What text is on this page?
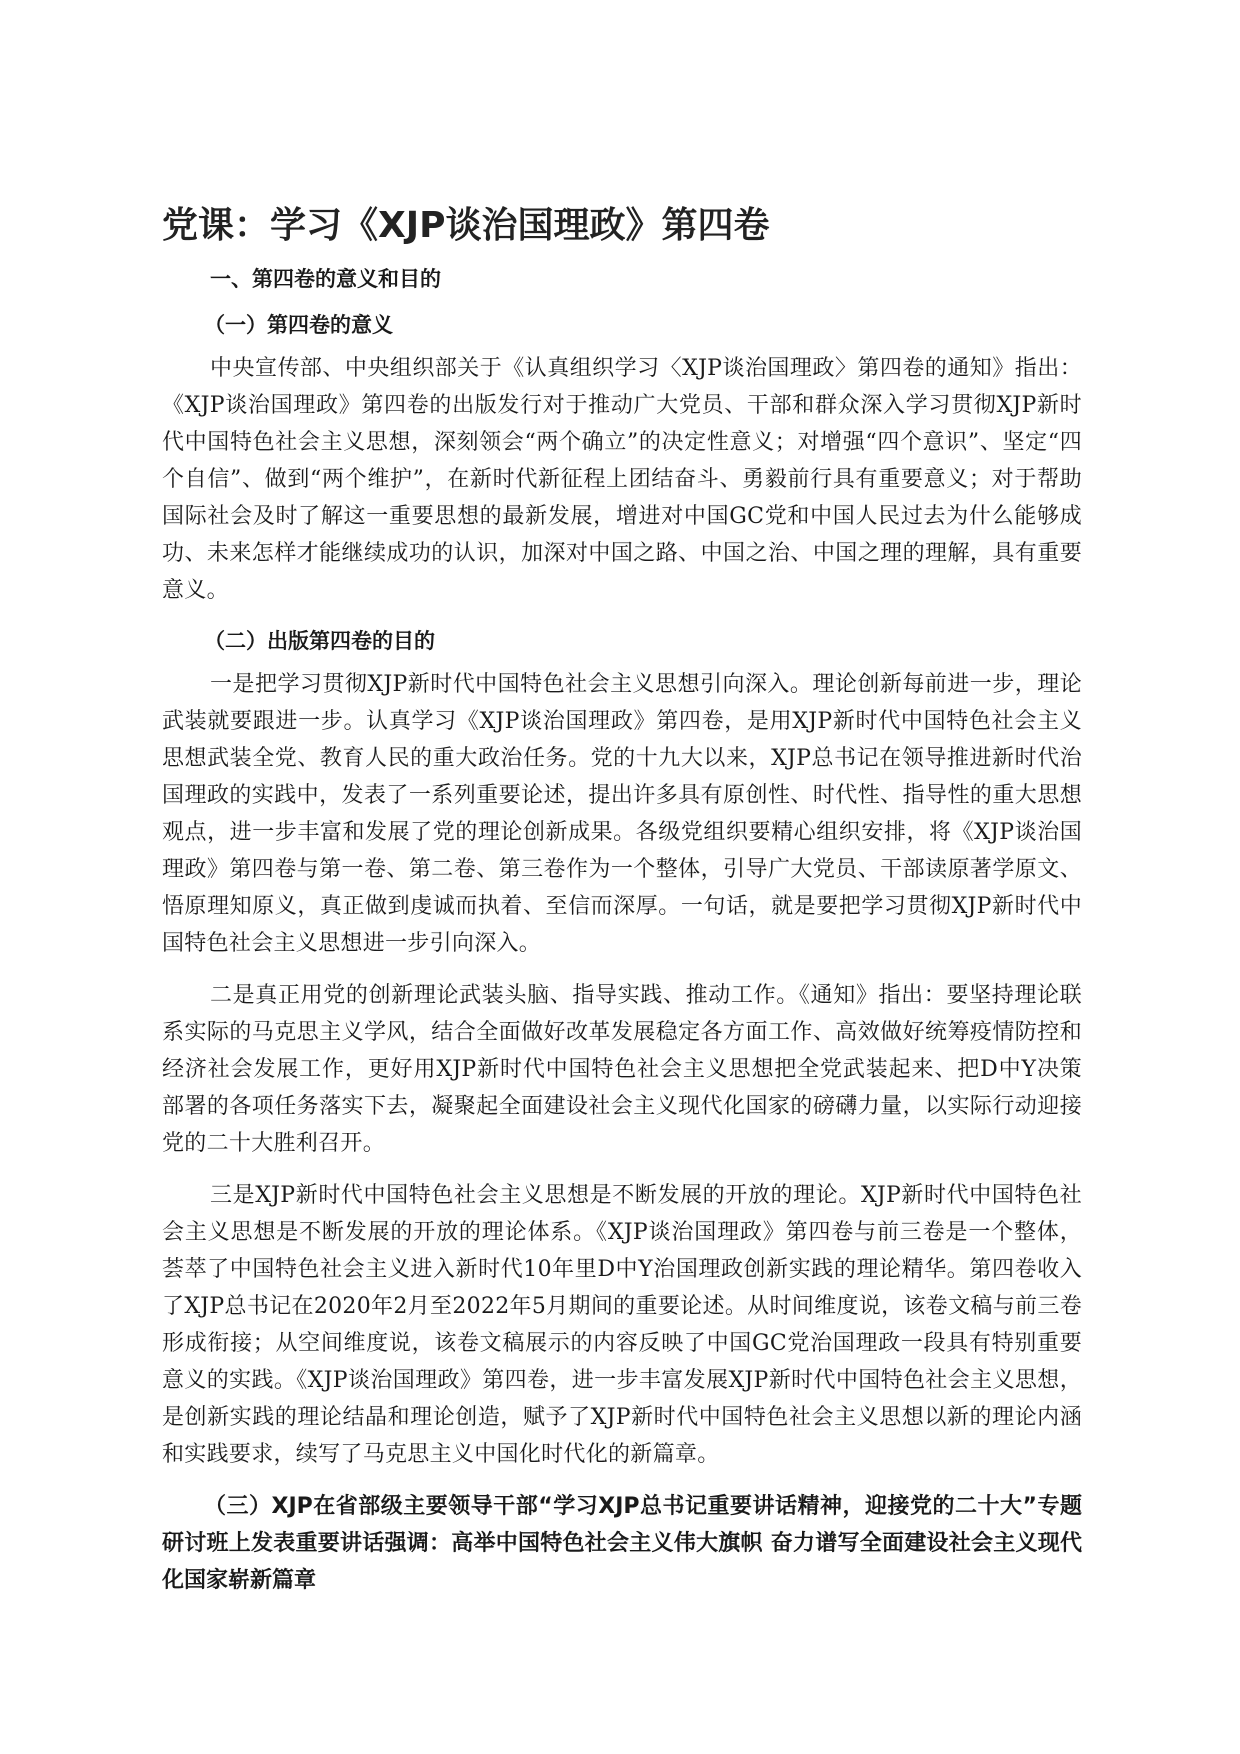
党课：学习《XJP谈治国理政》第四卷
一、第四卷的意义和目的
（一）第四卷的意义

中央宣传部、中央组织部关于《认真组织学习〈XJP谈治国理政〉第四卷的通知》指出：《XJP谈治国理政》第四卷的出版发行对于推动广大党员、干部和群众深入学习贯彻XJP新时代中国特色社会主义思想，深刻领会“两个确立”的决定性意义；对增强“四个意识”、坚定“四个自信”、做到“两个维护”，在新时代新征程上团结奋斗、勇毅前行具有重要意义；对于帮助国际社会及时了解这一重要思想的最新发展，增进对中国GC党和中国人民过去为什么能够成功、未来怎样才能继续成功的认识，加深对中国之路、中国之治、中国之理的理解，具有重要意义。

（二）出版第四卷的目的

一是把学习贯彻XJP新时代中国特色社会主义思想引向深入。理论创新每前进一步，理论武装就要跟进一步。认真学习《XJP谈治国理政》第四卷，是用XJP新时代中国特色社会主义思想武装全党、教育人民的重大政治任务。党的十九大以来，XJP总书记在领导推进新时代治国理政的实践中，发表了一系列重要论述，提出许多具有原创性、时代性、指导性的重大思想观点，进一步丰富和发展了党的理论创新成果。各级党组织要精心组织安排，将《XJP谈治国理政》第四卷与第一卷、第二卷、第三卷作为一个整体，引导广大党员、干部读原著学原文、悟原理知原义，真正做到虔诚而执着、至信而深厚。一句话，就是要把学习贯彻XJP新时代中国特色社会主义思想进一步引向深入。

二是真正用党的创新理论武装头脑、指导实践、推动工作。《通知》指出：要坚持理论联系实际的马克思主义学风，结合全面做好改革发展稳定各方面工作、高效做好统筹疫情防控和经济社会发展工作，更好用XJP新时代中国特色社会主义思想把全党武装起来、把D中Y决策部署的各项任务落实下去，凝聚起全面建设社会主义现代化国家的磅礴力量，以实际行动迎接党的二十大胜利召开。

三是XJP新时代中国特色社会主义思想是不断发展的开放的理论。XJP新时代中国特色社会主义思想是不断发展的开放的理论体系。《XJP谈治国理政》第四卷与前三卷是一个整体，荟萃了中国特色社会主义进入新时代10年里D中Y治国理政创新实践的理论精华。第四卷收入了XJP总书记在2020年2月至2022年5月期间的重要论述。从时间维度说，该卷文稿与前三卷形成衔接；从空间维度说，该卷文稿展示的内容反映了中国GC党治国理政一段具有特别重要意义的实践。《XJP谈治国理政》第四卷，进一步丰富发展XJP新时代中国特色社会主义思想，是创新实践的理论结晶和理论创造，赋予了XJP新时代中国特色社会主义思想以新的理论内涵和实践要求，续写了马克思主义中国化时代化的新篇章。

（三）XJP在省部级主要领导干部“学习XJP总书记重要讲话精神，迎接党的二十大”专题研讨班上发表重要讲话强调：高举中国特色社会主义伟大旗帜 奋力谱写全面建设社会主义现代化国家崭新篇章
